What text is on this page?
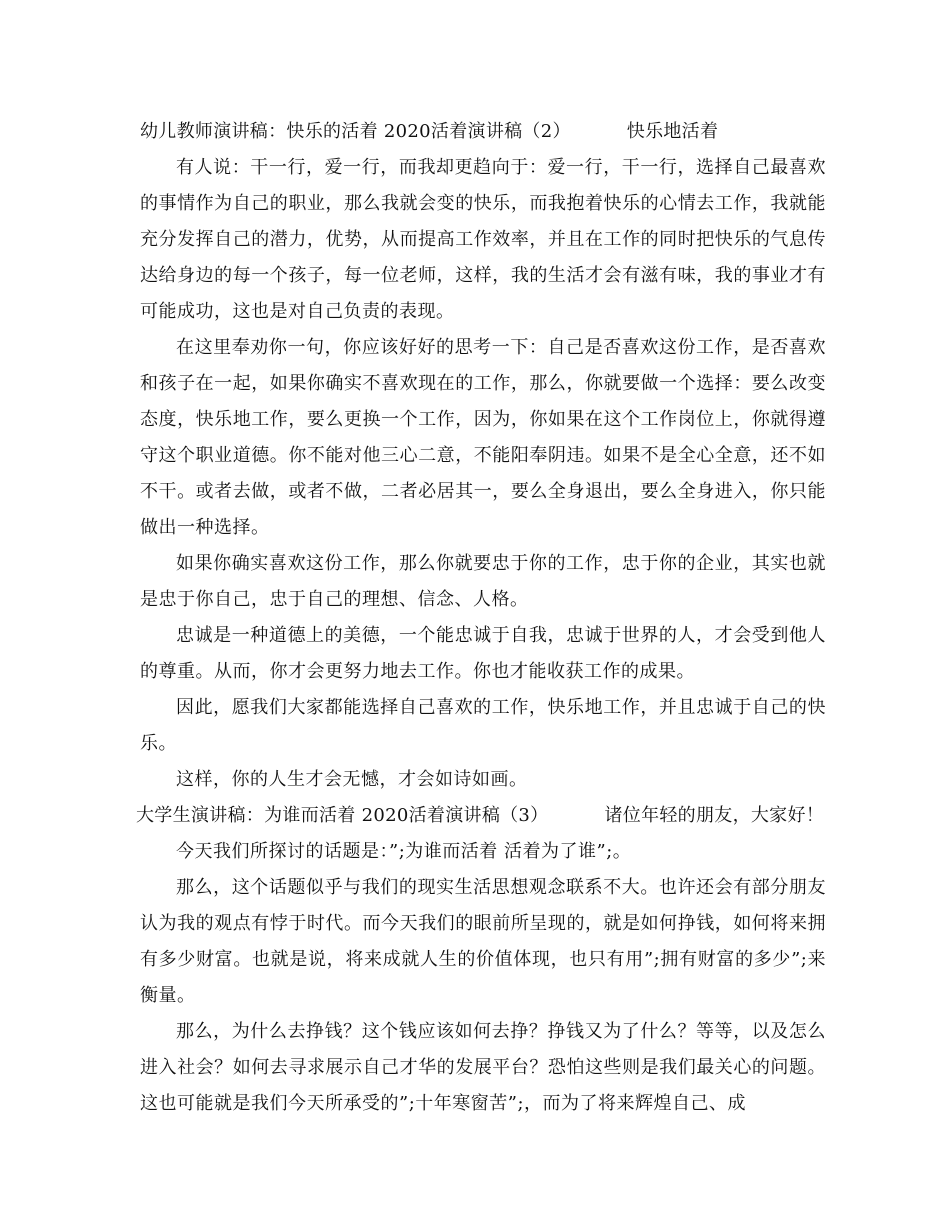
幼儿教师演讲稿：快乐的活着 2020活着演讲稿（2）	快乐地活着

有人说：干一行，爱一行，而我却更趋向于：爱一行，干一行，选择自己最喜欢的事情作为自己的职业，那么我就会变的快乐，而我抱着快乐的心情去工作，我就能充分发挥自己的潜力，优势，从而提高工作效率，并且在工作的同时把快乐的气息传达给身边的每一个孩子，每一位老师，这样，我的生活才会有滋有味，我的事业才有可能成功，这也是对自己负责的表现。

在这里奉劝你一句，你应该好好的思考一下：自己是否喜欢这份工作，是否喜欢和孩子在一起，如果你确实不喜欢现在的工作，那么，你就要做一个选择：要么改变态度，快乐地工作，要么更换一个工作，因为，你如果在这个工作岗位上，你就得遵守这个职业道德。你不能对他三心二意，不能阳奉阴违。如果不是全心全意，还不如不干。或者去做，或者不做，二者必居其一，要么全身退出，要么全身进入，你只能做出一种选择。

如果你确实喜欢这份工作，那么你就要忠于你的工作，忠于你的企业，其实也就是忠于你自己，忠于自己的理想、信念、人格。

忠诚是一种道德上的美德，一个能忠诚于自我，忠诚于世界的人，才会受到他人的尊重。从而，你才会更努力地去工作。你也才能收获工作的成果。

因此，愿我们大家都能选择自己喜欢的工作，快乐地工作，并且忠诚于自己的快乐。

这样，你的人生才会无憾，才会如诗如画。

大学生演讲稿：为谁而活着 2020活着演讲稿（3）	诸位年轻的朋友，大家好！

今天我们所探讨的话题是：”;为谁而活着 活着为了谁”;。

那么，这个话题似乎与我们的现实生活思想观念联系不大。也许还会有部分朋友认为我的观点有悖于时代。而今天我们的眼前所呈现的，就是如何挣钱，如何将来拥有多少财富。也就是说，将来成就人生的价值体现，也只有用”;拥有财富的多少”;来衡量。

那么，为什么去挣钱？这个钱应该如何去挣？挣钱又为了什么？等等，以及怎么进入社会？如何去寻求展示自己才华的发展平台？恐怕这些则是我们最关心的问题。这也可能就是我们今天所承受的”;十年寒窗苦”;，而为了将来辉煌自己、成
